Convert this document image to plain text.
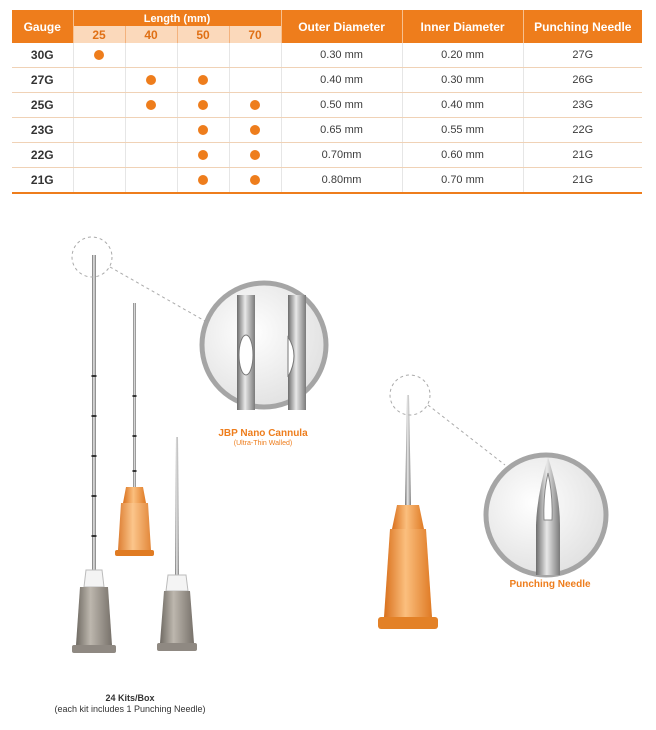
Gauge	Length (mm)				Outer Diameter	Inner Diameter	Punching Needle
	25	40	50	70			
30G					0.30 mm	0.20 mm	27G
27G					0.40 mm	0.30 mm	26G
25G					0.50 mm	0.40 mm	23G
23G					0.65 mm	0.55 mm	22G
22G					0.70mm	0.60 mm	21G
21G					0.80mm	0.70 mm	21G
JBP Nano Cannula
(Ultra-Thin Walled)
Punching Needle
24 Kits/Box
(each kit includes 1 Punching Needle)
